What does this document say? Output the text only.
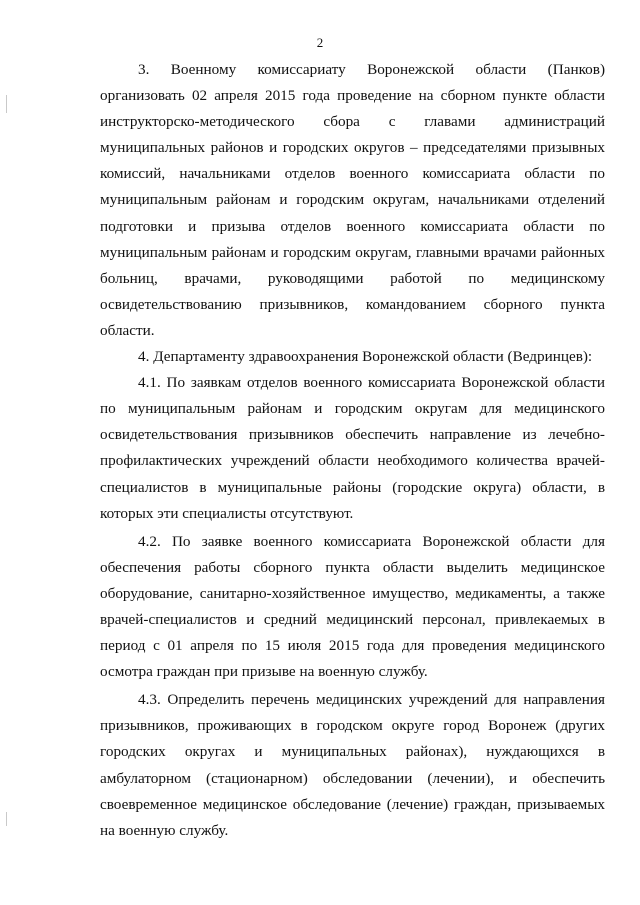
2

3. Военному комиссариату Воронежской области (Панков) организовать 02 апреля 2015 года проведение на сборном пункте области инструкторско-методического сбора с главами администраций муниципальных районов и городских округов – председателями призывных комиссий, начальниками отделов военного комиссариата области по муниципальным районам и городским округам, начальниками отделений подготовки и призыва отделов военного комиссариата области по муниципальным районам и городским округам, главными врачами районных больниц, врачами, руководящими работой по медицинскому освидетельствованию призывников, командованием сборного пункта области.

4. Департаменту здравоохранения Воронежской области (Ведринцев):

4.1. По заявкам отделов военного комиссариата Воронежской области по муниципальным районам и городским округам для медицинского освидетельствования призывников обеспечить направление из лечебно-профилактических учреждений области необходимого количества врачей-специалистов в муниципальные районы (городские округа) области, в которых эти специалисты отсутствуют.

4.2. По заявке военного комиссариата Воронежской области для обеспечения работы сборного пункта области выделить медицинское оборудование, санитарно-хозяйственное имущество, медикаменты, а также врачей-специалистов и средний медицинский персонал, привлекаемых в период с 01 апреля по 15 июля 2015 года для проведения медицинского осмотра граждан при призыве на военную службу.

4.3. Определить перечень медицинских учреждений для направления призывников, проживающих в городском округе город Воронеж (других городских округах и муниципальных районах), нуждающихся в амбулаторном (стационарном) обследовании (лечении), и обеспечить своевременное медицинское обследование (лечение) граждан, призываемых на военную службу.
